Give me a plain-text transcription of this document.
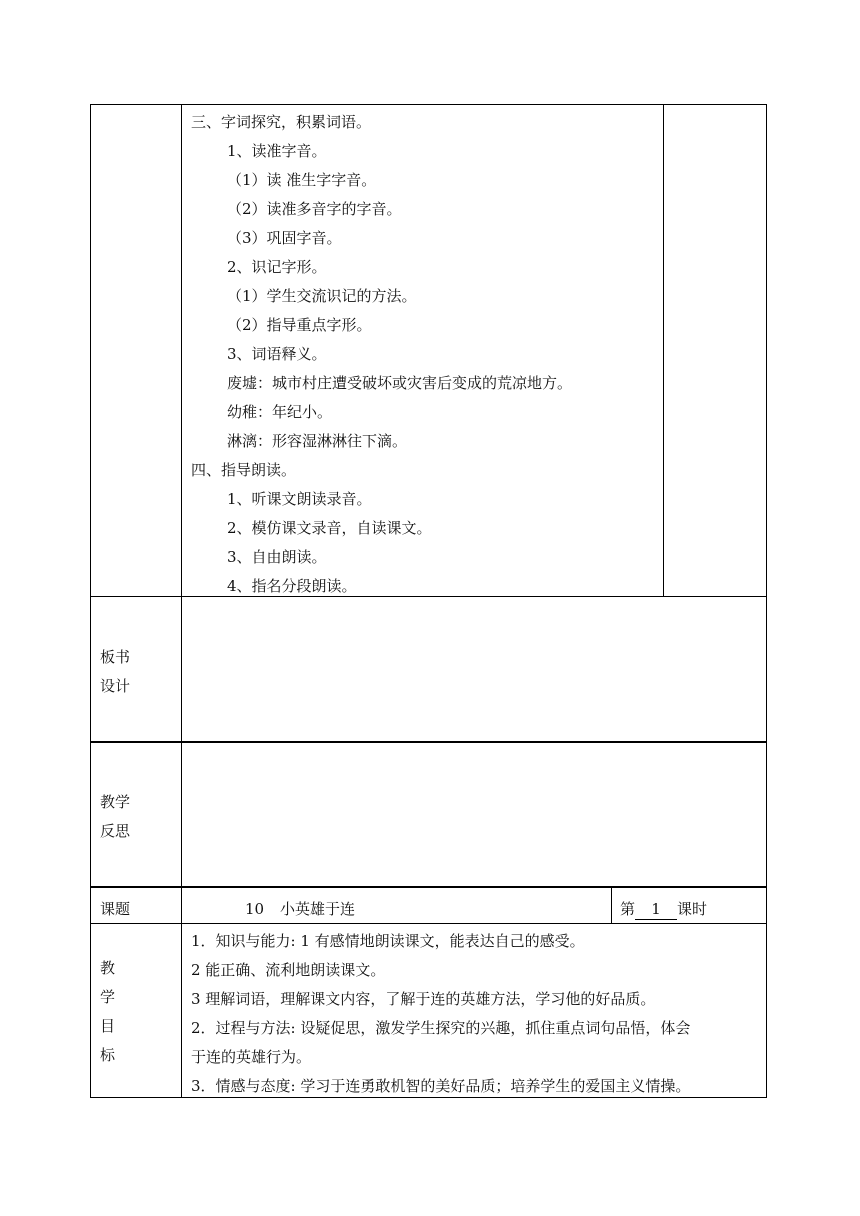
三、字词探究，积累词语。
1、读准字音。
（1）读 准生字字音。
（2）读准多音字的字音。
（3）巩固字音。
2、识记字形。
（1）学生交流识记的方法。
（2）指导重点字形。
3、词语释义。
废墟：城市村庄遭受破坏或灾害后变成的荒凉地方。
幼稚：年纪小。
淋漓：形容湿淋淋往下滴。
四、指导朗读。
1、听课文朗读录音。
2、模仿课文录音，自读课文。
3、自由朗读。
4、指名分段朗读。
板书
设计
教学
反思
课题	10 小英雄于连	第 1 课时
教
学
目
标
1．知识与能力: 1 有感情地朗读课文，能表达自己的感受。
2 能正确、流利地朗读课文。
3 理解词语，理解课文内容，了解于连的英雄方法，学习他的好品质。
2．过程与方法: 设疑促思，激发学生探究的兴趣，抓住重点词句品悟，体会
于连的英雄行为。
3．情感与态度: 学习于连勇敢机智的美好品质；培养学生的爱国主义情操。
